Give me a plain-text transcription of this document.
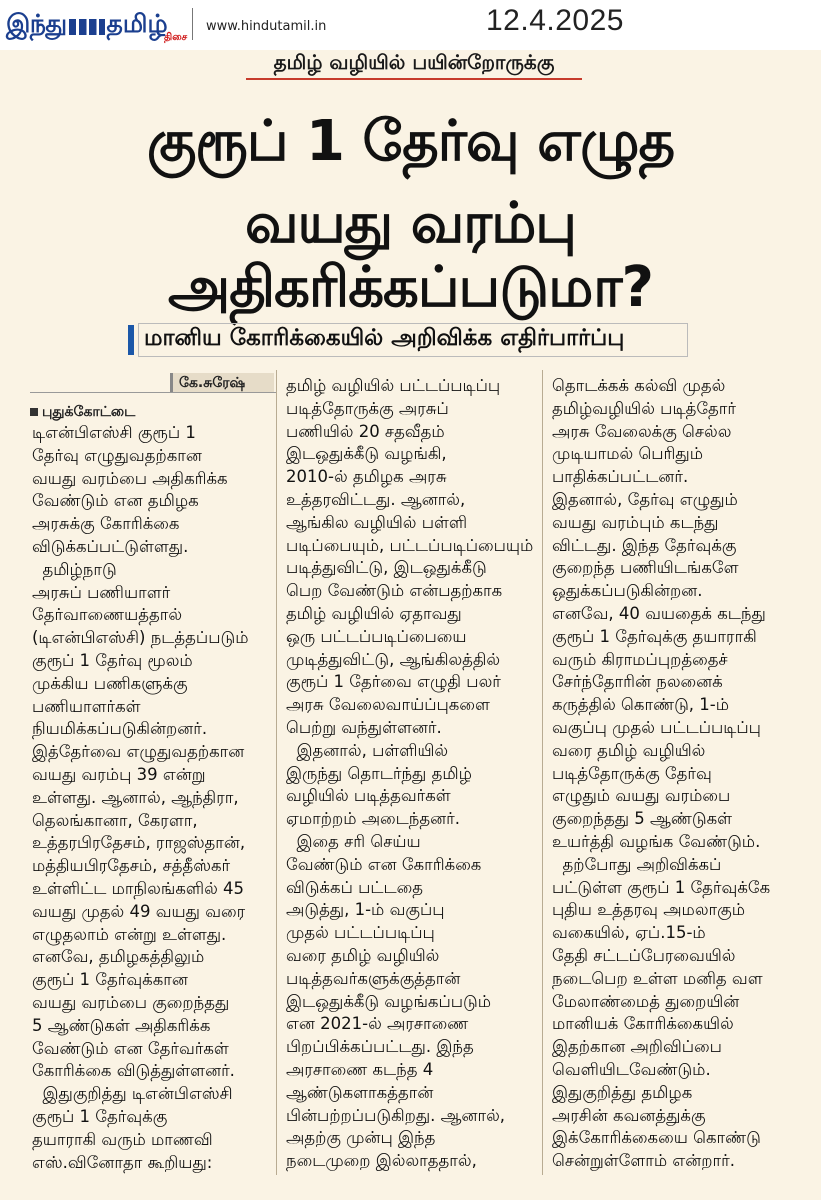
இந்து தமிழ்
திசை
www.hindutamil.in	12.4.2025
தமிழ் வழியில் பயின்றோருக்கு
குரூப் 1 தேர்வு எழுத
வயது வரம்பு அதிகரிக்கப்படுமா?
மானிய கோரிக்கையில் அறிவிக்க எதிர்பார்ப்பு
கே.சுரேஷ்
புதுக்கோட்டை
டிஎன்பிஎஸ்சி குரூப் 1
தேர்வு எழுதுவதற்கான
வயது வரம்பை அதிகரிக்க
வேண்டும் என தமிழக
அரசுக்கு கோரிக்கை
விடுக்கப்பட்டுள்ளது.
தமிழ்நாடு
அரசுப் பணியாளர்
தேர்வாணையத்தால்
(டிஎன்பிஎஸ்சி) நடத்தப்படும்
குரூப் 1 தேர்வு மூலம்
முக்கிய பணிகளுக்கு
பணியாளர்கள்
நியமிக்கப்படுகின்றனர்.
இத்தேர்வை எழுதுவதற்கான
வயது வரம்பு 39 என்று
உள்ளது. ஆனால், ஆந்திரா,
தெலங்கானா, கேரளா,
உத்தரபிரதேசம், ராஜஸ்தான்,
மத்தியபிரதேசம், சத்தீஸ்கர்
உள்ளிட்ட மாநிலங்களில் 45
வயது முதல் 49 வயது வரை
எழுதலாம் என்று உள்ளது.
எனவே, தமிழகத்திலும்
குரூப் 1 தேர்வுக்கான
வயது வரம்பை குறைந்தது
5 ஆண்டுகள் அதிகரிக்க
வேண்டும் என தேர்வர்கள்
கோரிக்கை விடுத்துள்ளனர்.
இதுகுறித்து டிஎன்பிஎஸ்சி
குரூப் 1 தேர்வுக்கு
தயாராகி வரும் மாணவி
எஸ்.வினோதா கூறியது:
தமிழ் வழியில் பட்டப்படிப்பு
படித்தோருக்கு அரசுப்
பணியில் 20 சதவீதம்
இடஒதுக்கீடு வழங்கி,
2010-ல் தமிழக அரசு
உத்தரவிட்டது. ஆனால்,
ஆங்கில வழியில் பள்ளி
படிப்பையும், பட்டப்படிப்பையும்
படித்துவிட்டு, இடஒதுக்கீடு
பெற வேண்டும் என்பதற்காக
தமிழ் வழியில் ஏதாவது
ஒரு பட்டப்படிப்பையை
முடித்துவிட்டு, ஆங்கிலத்தில்
குரூப் 1 தேர்வை எழுதி பலர்
அரசு வேலைவாய்ப்புகளை
பெற்று வந்துள்ளனர்.
இதனால், பள்ளியில்
இருந்து தொடர்ந்து தமிழ்
வழியில் படித்தவர்கள்
ஏமாற்றம் அடைந்தனர்.
இதை சரி செய்ய
வேண்டும் என கோரிக்கை
விடுக்கப் பட்டதை
அடுத்து, 1-ம் வகுப்பு
முதல் பட்டப்படிப்பு
வரை தமிழ் வழியில்
படித்தவர்களுக்குத்தான்
இடஒதுக்கீடு வழங்கப்படும்
என 2021-ல் அரசாணை
பிறப்பிக்கப்பட்டது. இந்த
அரசாணை கடந்த 4
ஆண்டுகளாகத்தான்
பின்பற்றப்படுகிறது. ஆனால்,
அதற்கு முன்பு இந்த
நடைமுறை இல்லாததால்,
தொடக்கக் கல்வி முதல்
தமிழ்வழியில் படித்தோர்
அரசு வேலைக்கு செல்ல
முடியாமல் பெரிதும்
பாதிக்கப்பட்டனர்.
இதனால், தேர்வு எழுதும்
வயது வரம்பும் கடந்து
விட்டது. இந்த தேர்வுக்கு
குறைந்த பணியிடங்களே
ஒதுக்கப்படுகின்றன.
எனவே, 40 வயதைக் கடந்து
குரூப் 1 தேர்வுக்கு தயாராகி
வரும் கிராமப்புறத்தைச்
சேர்ந்தோரின் நலனைக்
கருத்தில் கொண்டு, 1-ம்
வகுப்பு முதல் பட்டப்படிப்பு
வரை தமிழ் வழியில்
படித்தோருக்கு தேர்வு
எழுதும் வயது வரம்பை
குறைந்தது 5 ஆண்டுகள்
உயர்த்தி வழங்க வேண்டும்.
தற்போது அறிவிக்கப்
பட்டுள்ள குரூப் 1 தேர்வுக்கே
புதிய உத்தரவு அமலாகும்
வகையில், ஏப்.15-ம்
தேதி சட்டப்பேரவையில்
நடைபெற உள்ள மனித வள
மேலாண்மைத் துறையின்
மானியக் கோரிக்கையில்
இதற்கான அறிவிப்பை
வெளியிடவேண்டும்.
இதுகுறித்து தமிழக
அரசின் கவனத்துக்கு
இக்கோரிக்கையை கொண்டு
சென்றுள்ளோம் என்றார்.
